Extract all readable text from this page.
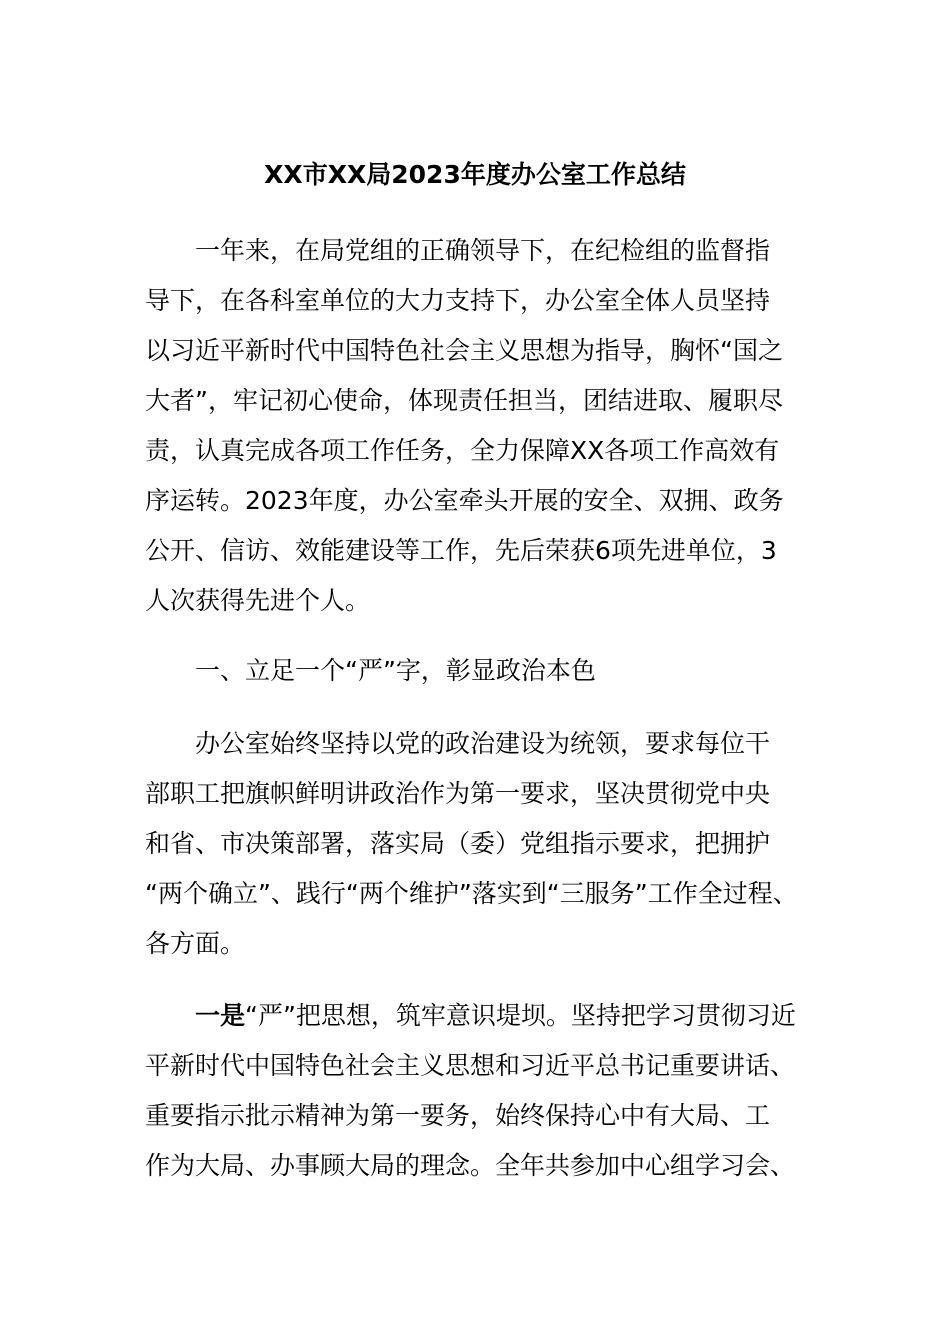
XX市XX局2023年度办公室工作总结
一年来，在局党组的正确领导下，在纪检组的监督指
导下，在各科室单位的大力支持下，办公室全体人员坚持
以习近平新时代中国特色社会主义思想为指导，胸怀“国之
大者”，牢记初心使命，体现责任担当，团结进取、履职尽
责，认真完成各项工作任务，全力保障XX各项工作高效有
序运转。2023年度，办公室牵头开展的安全、双拥、政务
公开、信访、效能建设等工作，先后荣获6项先进单位，3
人次获得先进个人。
一、立足一个“严”字，彰显政治本色
办公室始终坚持以党的政治建设为统领，要求每位干
部职工把旗帜鲜明讲政治作为第一要求，坚决贯彻党中央
和省、市决策部署，落实局（委）党组指示要求，把拥护
“两个确立”、践行“两个维护”落实到“三服务”工作全过程、
各方面。
一是“严”把思想，筑牢意识堤坝。坚持把学习贯彻习近
平新时代中国特色社会主义思想和习近平总书记重要讲话、
重要指示批示精神为第一要务，始终保持心中有大局、工
作为大局、办事顾大局的理念。全年共参加中心组学习会、
